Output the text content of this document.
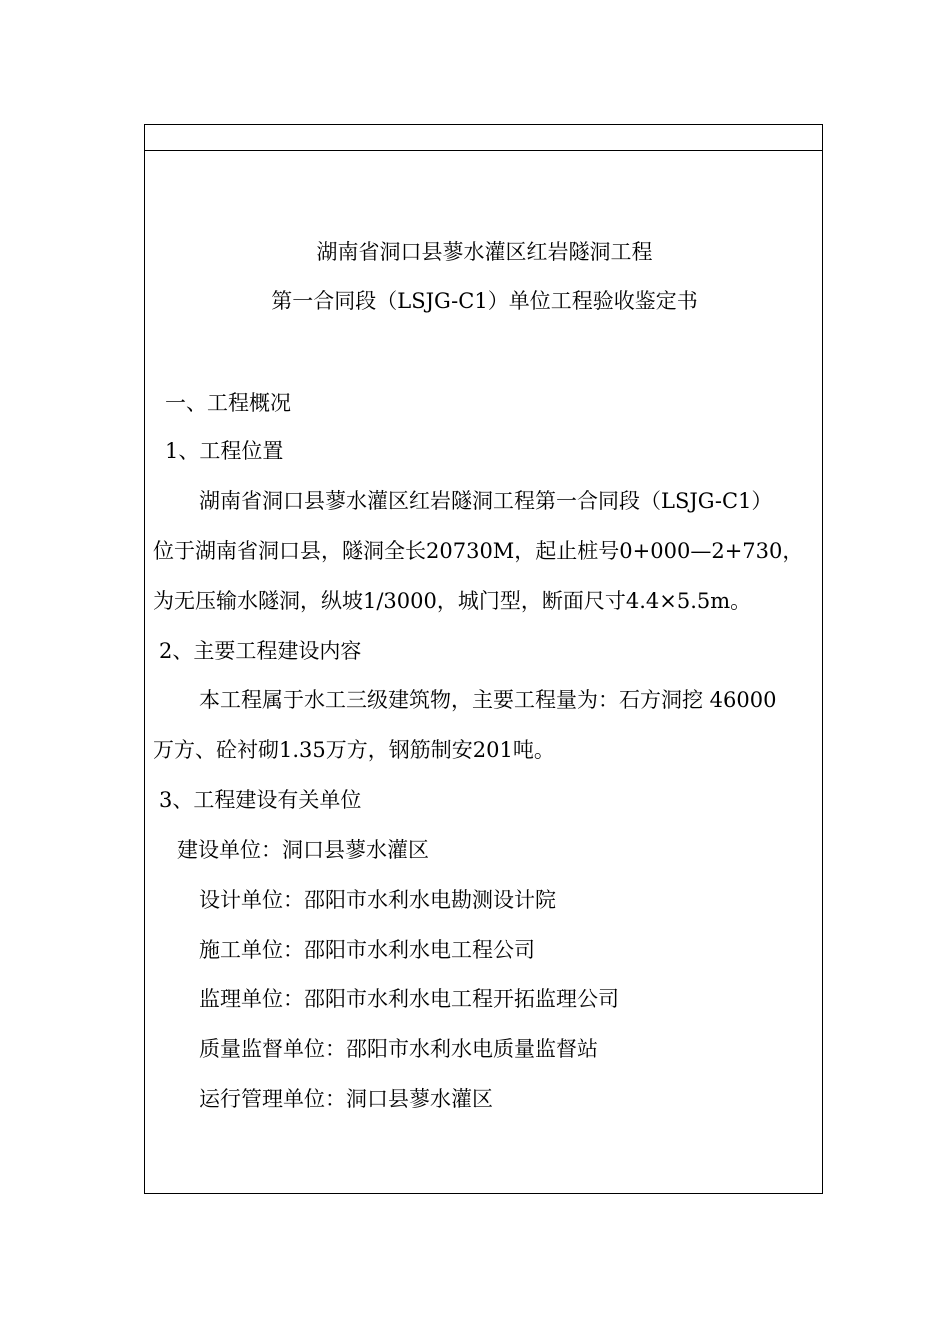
湖南省洞口县蓼水灌区红岩隧洞工程
第一合同段（LSJG-C1）单位工程验收鉴定书
一、工程概况
1、工程位置
湖南省洞口县蓼水灌区红岩隧洞工程第一合同段（LSJG-C1）
位于湖南省洞口县，隧洞全长20730M，起止桩号0+000—2+730，
为无压输水隧洞，纵坡1/3000，城门型，断面尺寸4.4×5.5m。
2、主要工程建设内容
本工程属于水工三级建筑物，主要工程量为：石方洞挖 46000
万方、砼衬砌1.35万方，钢筋制安201吨。
3、工程建设有关单位
建设单位：洞口县蓼水灌区
设计单位：邵阳市水利水电勘测设计院
施工单位：邵阳市水利水电工程公司
监理单位：邵阳市水利水电工程开拓监理公司
质量监督单位：邵阳市水利水电质量监督站
运行管理单位：洞口县蓼水灌区
